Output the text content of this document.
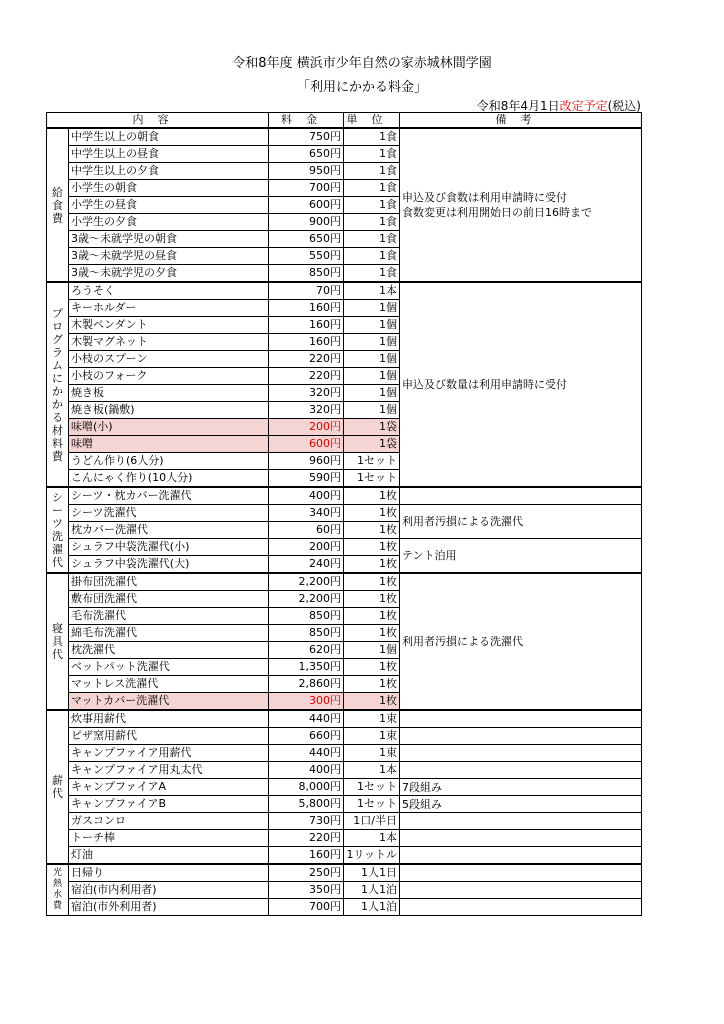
令和8年度 横浜市少年自然の家赤城林間学園
「利用にかかる料金」
令和8年4月1日改定予定(税込)
内容		料金	単位	備考

給食費	中学生以上の朝食	750円	1食	申込及び食数は利用申請時に受付
食数変更は利用開始日の前日16時まで

	中学生以上の昼食	650円	1食	
	中学生以上の夕食	950円	1食	
	小学生の朝食	700円	1食	
	小学生の昼食	600円	1食	
	小学生の夕食	900円	1食	
	3歳～未就学児の朝食	650円	1食	
	3歳～未就学児の昼食	550円	1食	
	3歳～未就学児の夕食	850円	1食	

プログラムにかかる材料費	ろうそく	70円	1本	申込及び数量は利用申請時に受付

	キーホルダー	160円	1個	
	木製ペンダント	160円	1個	
	木製マグネット	160円	1個	
	小枝のスプーン	220円	1個	
	小枝のフォーク	220円	1個	
	焼き板	320円	1個	
	焼き板(鍋敷)	320円	1個	
	味噌(小)	200円	1袋	
	味噌	600円	1袋	
	うどん作り(6人分)	960円	1セット	
	こんにゃく作り(10人分)	590円	1セット	

シーツ洗濯代	シーツ・枕カバー洗濯代	400円	1枚	
	シーツ洗濯代	340円	1枚	利用者汚損による洗濯代
	枕カバー洗濯代	60円	1枚	
	シュラフ中袋洗濯代(小)	200円	1枚	テント泊用
	シュラフ中袋洗濯代(大)	240円	1枚	

寝具代	掛布団洗濯代	2,200円	1枚	利用者汚損による洗濯代

	敷布団洗濯代	2,200円	1枚	
	毛布洗濯代	850円	1枚	
	綿毛布洗濯代	850円	1枚	
	枕洗濯代	620円	1個	
	ベットパット洗濯代	1,350円	1枚	
	マットレス洗濯代	2,860円	1枚	
	マットカバー洗濯代	300円	1枚	

薪代	炊事用薪代	440円	1束	
	ピザ窯用薪代	660円	1束	
	キャンプファイア用薪代	440円	1束	
	キャンプファイア用丸太代	400円	1本	
	キャンプファイアA	8,000円	1セット	7段組み
	キャンプファイアB	5,800円	1セット	5段組み
	ガスコンロ	730円	1口/半日	
	トーチ棒	220円	1本	
	灯油	160円	1リットル	

光熱水費	日帰り	250円	1人1日	
	宿泊(市内利用者)	350円	1人1泊	
	宿泊(市外利用者)	700円	1人1泊	
